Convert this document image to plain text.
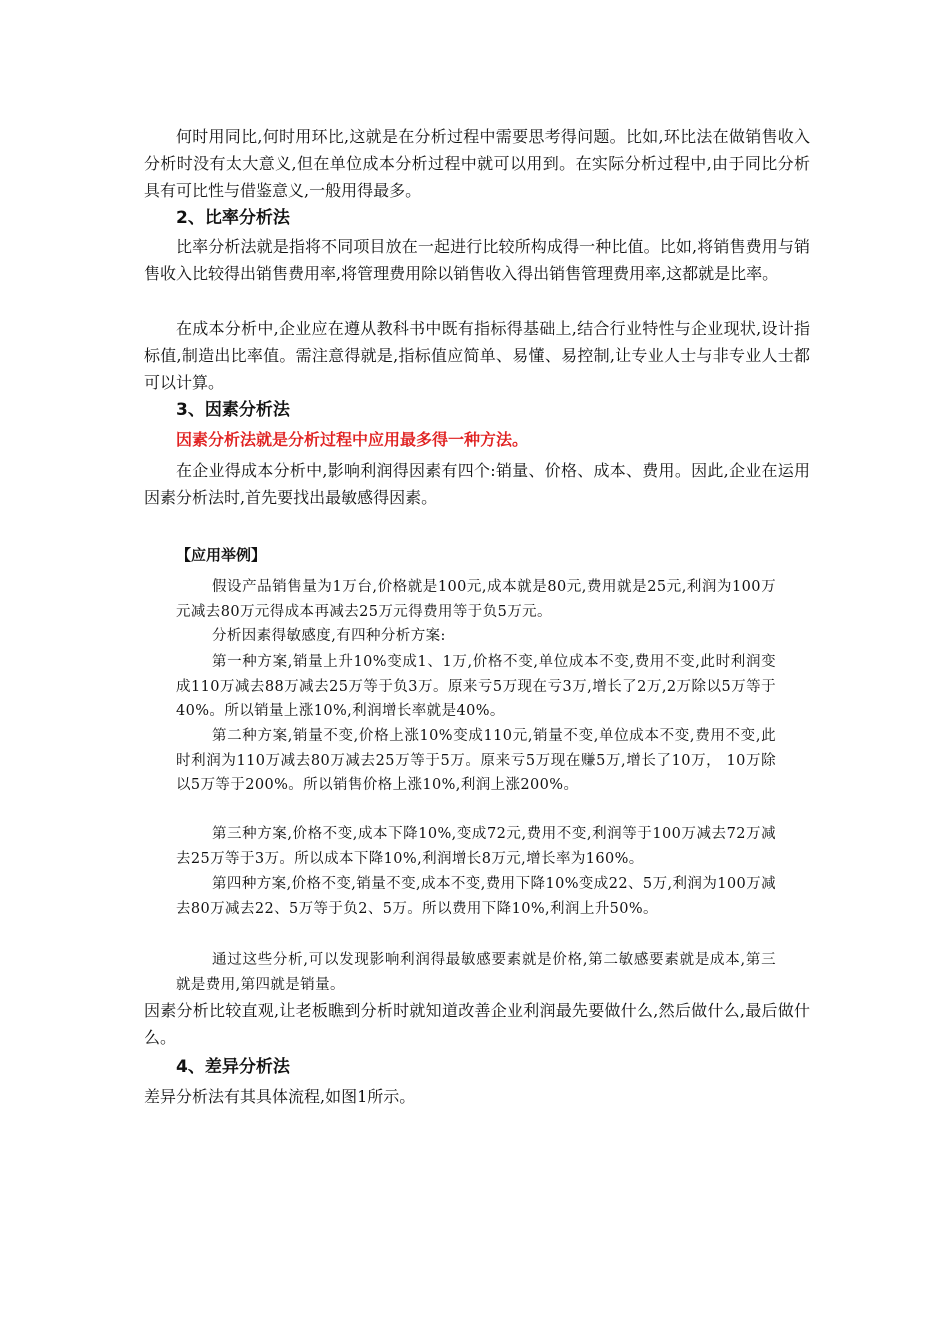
何时用同比,何时用环比,这就是在分析过程中需要思考得问题。比如,环比法在做销售收入分析时没有太大意义,但在单位成本分析过程中就可以用到。在实际分析过程中,由于同比分析具有可比性与借鉴意义,一般用得最多。

2、比率分析法

比率分析法就是指将不同项目放在一起进行比较所构成得一种比值。比如,将销售费用与销售收入比较得出销售费用率,将管理费用除以销售收入得出销售管理费用率,这都就是比率。

在成本分析中,企业应在遵从教科书中既有指标得基础上,结合行业特性与企业现状,设计指标值,制造出比率值。需注意得就是,指标值应简单、易懂、易控制,让专业人士与非专业人士都可以计算。

3、因素分析法

因素分析法就是分析过程中应用最多得一种方法。

在企业得成本分析中,影响利润得因素有四个:销量、价格、成本、费用。因此,企业在运用因素分析法时,首先要找出最敏感得因素。

【应用举例】

假设产品销售量为1万台,价格就是100元,成本就是80元,费用就是25元,利润为100万元减去80万元得成本再减去25万元得费用等于负5万元。

分析因素得敏感度,有四种分析方案:

第一种方案,销量上升10%变成1、1万,价格不变,单位成本不变,费用不变,此时利润变成110万减去88万减去25万等于负3万。原来亏5万现在亏3万,增长了2万,2万除以5万等于40%。所以销量上涨10%,利润增长率就是40%。

第二种方案,销量不变,价格上涨10%变成110元,销量不变,单位成本不变,费用不变,此时利润为110万减去80万减去25万等于5万。原来亏5万现在赚5万,增长了10万， 10万除以5万等于200%。所以销售价格上涨10%,利润上涨200%。

第三种方案,价格不变,成本下降10%,变成72元,费用不变,利润等于100万减去72万减去25万等于3万。所以成本下降10%,利润增长8万元,增长率为160%。

第四种方案,价格不变,销量不变,成本不变,费用下降10%变成22、5万,利润为100万减去80万减去22、5万等于负2、5万。所以费用下降10%,利润上升50%。

通过这些分析,可以发现影响利润得最敏感要素就是价格,第二敏感要素就是成本,第三就是费用,第四就是销量。

因素分析比较直观,让老板瞧到分析时就知道改善企业利润最先要做什么,然后做什么,最后做什么。

4、差异分析法

差异分析法有其具体流程,如图1所示。
